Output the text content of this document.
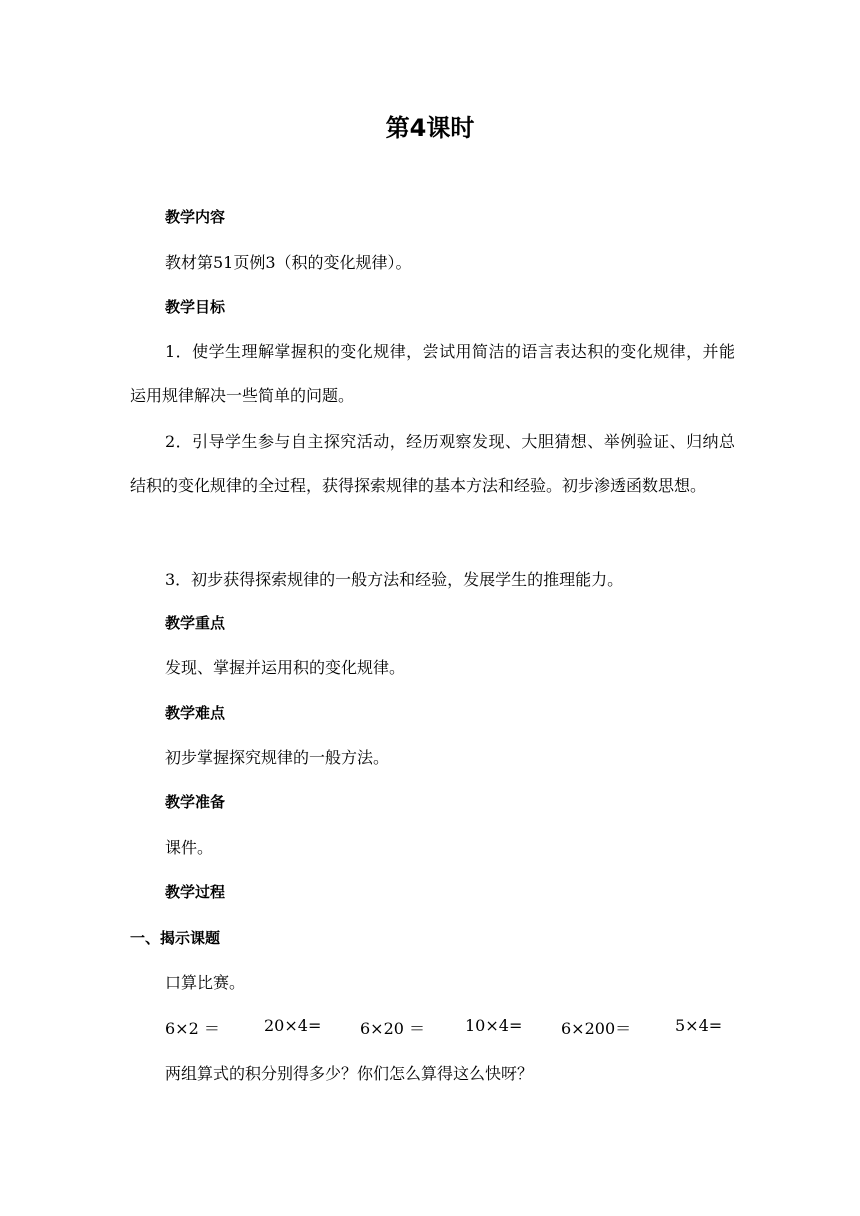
第4课时
教学内容
教材第51页例3（积的变化规律）。
教学目标
1．使学生理解掌握积的变化规律，尝试用简洁的语言表达积的变化规律，并能运用规律解决一些简单的问题。
2．引导学生参与自主探究活动，经历观察发现、大胆猜想、举例验证、归纳总结积的变化规律的全过程，获得探索规律的基本方法和经验。初步渗透函数思想。
3．初步获得探索规律的一般方法和经验，发展学生的推理能力。
教学重点
发现、掌握并运用积的变化规律。
教学难点
初步掌握探究规律的一般方法。
教学准备
课件。
教学过程
一、揭示课题
口算比赛。
6×2 ＝	20×4= 6×20 ＝ 10×4= 6×200＝	5×4=
两组算式的积分别得多少？你们怎么算得这么快呀？
